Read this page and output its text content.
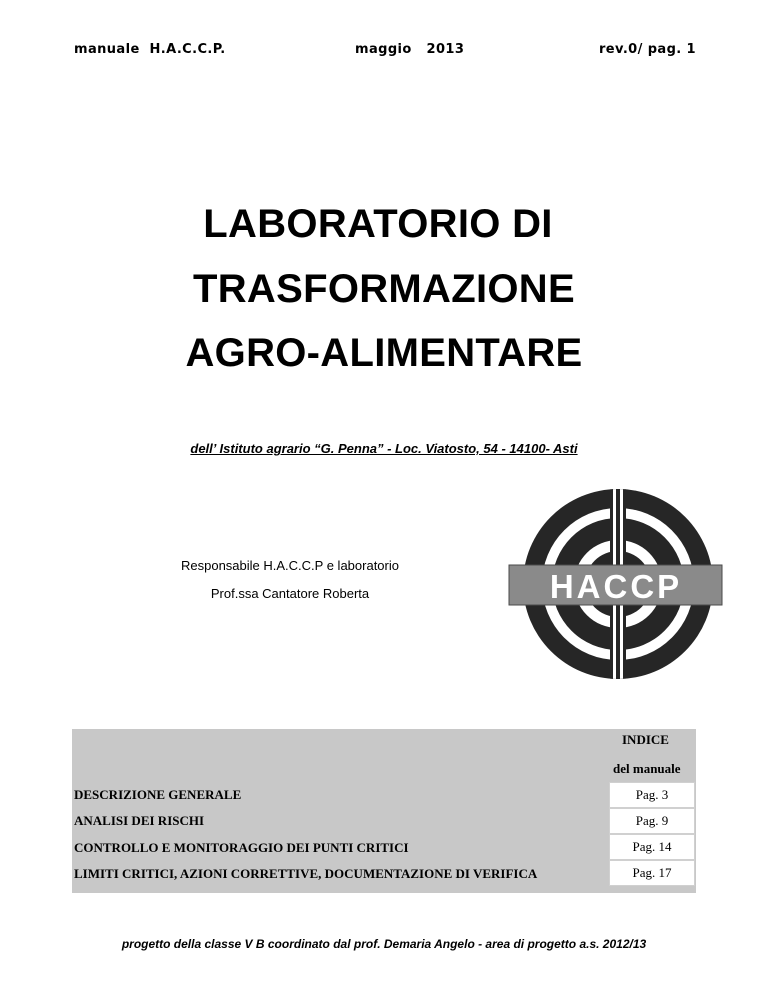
manuale  H.A.C.C.P.	maggio   2013	rev.0/ pag. 1
LABORATORIO DI
TRASFORMAZIONE
AGRO-ALIMENTARE
dell’ Istituto agrario “G. Penna” - Loc. Viatosto, 54 - 14100- Asti
Responsabile H.A.C.C.P e laboratorio
Prof.ssa Cantatore Roberta	HACCP
INDICE
del manuale
DESCRIZIONE GENERALE	Pag. 3
ANALISI DEI RISCHI	Pag. 9
CONTROLLO E MONITORAGGIO DEI PUNTI CRITICI	Pag. 14
LIMITI CRITICI, AZIONI CORRETTIVE, DOCUMENTAZIONE DI VERIFICA	Pag. 17
progetto della classe V B coordinato dal prof. Demaria Angelo - area di progetto a.s. 2012/13
